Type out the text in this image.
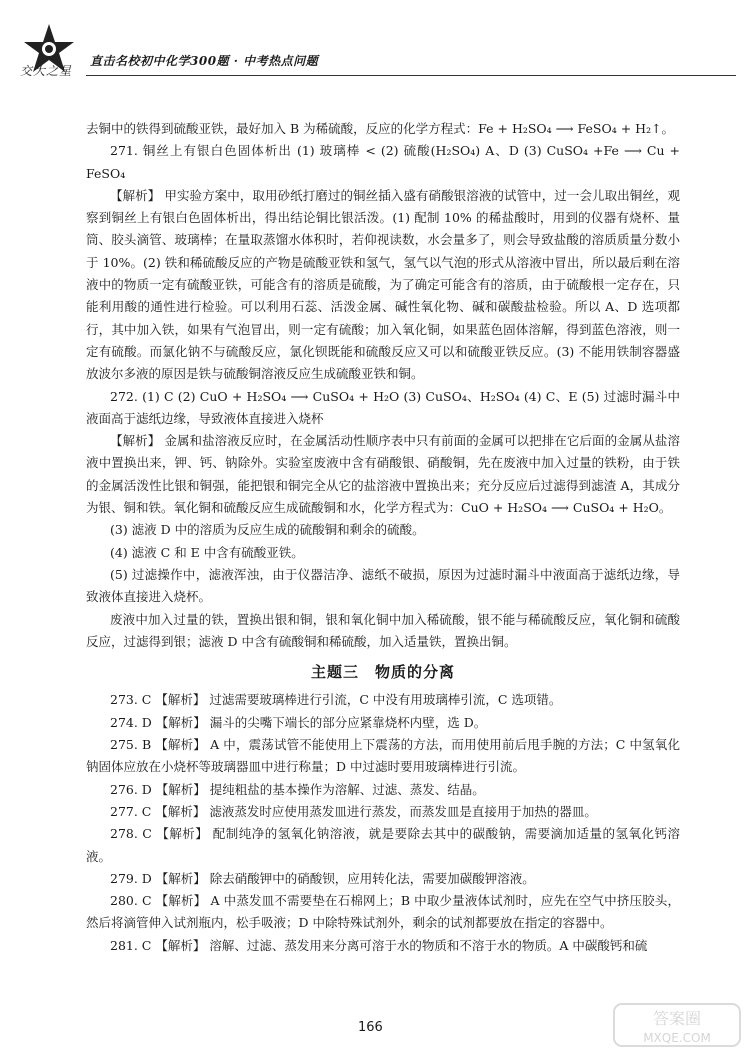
交大之星
直击名校初中化学300题 · 中考热点问题

去铜中的铁得到硫酸亚铁，最好加入 B 为稀硫酸，反应的化学方程式：Fe + H₂SO₄ ⟶ FeSO₄ + H₂↑。

271. 铜丝上有银白色固体析出 (1) 玻璃棒 < (2) 硫酸(H₂SO₄) A、D (3) CuSO₄ +Fe ⟶ Cu + FeSO₄

【解析】 甲实验方案中，取用砂纸打磨过的铜丝插入盛有硝酸银溶液的试管中，过一会儿取出铜丝，观察到铜丝上有银白色固体析出，得出结论铜比银活泼。(1) 配制 10% 的稀盐酸时，用到的仪器有烧杯、量筒、胶头滴管、玻璃棒；在量取蒸馏水体积时，若仰视读数，水会量多了，则会导致盐酸的溶质质量分数小于 10%。(2) 铁和稀硫酸反应的产物是硫酸亚铁和氢气，氢气以气泡的形式从溶液中冒出，所以最后剩在溶液中的物质一定有硫酸亚铁，可能含有的溶质是硫酸，为了确定可能含有的溶质，由于硫酸根一定存在，只能利用酸的通性进行检验。可以利用石蕊、活泼金属、碱性氧化物、碱和碳酸盐检验。所以 A、D 选项都行，其中加入铁，如果有气泡冒出，则一定有硫酸；加入氧化铜，如果蓝色固体溶解，得到蓝色溶液，则一定有硫酸。而氯化钠不与硫酸反应，氯化钡既能和硫酸反应又可以和硫酸亚铁反应。(3) 不能用铁制容器盛放波尔多液的原因是铁与硫酸铜溶液反应生成硫酸亚铁和铜。

272. (1) C (2) CuO + H₂SO₄ ⟶ CuSO₄ + H₂O (3) CuSO₄、H₂SO₄ (4) C、E (5) 过滤时漏斗中液面高于滤纸边缘，导致液体直接进入烧杯

【解析】 金属和盐溶液反应时，在金属活动性顺序表中只有前面的金属可以把排在它后面的金属从盐溶液中置换出来，钾、钙、钠除外。实验室废液中含有硝酸银、硝酸铜，先在废液中加入过量的铁粉，由于铁的金属活泼性比银和铜强，能把银和铜完全从它的盐溶液中置换出来；充分反应后过滤得到滤渣 A，其成分为银、铜和铁。氧化铜和硫酸反应生成硫酸铜和水，化学方程式为：CuO + H₂SO₄ ⟶ CuSO₄ + H₂O。

(3) 滤液 D 中的溶质为反应生成的硫酸铜和剩余的硫酸。

(4) 滤液 C 和 E 中含有硫酸亚铁。

(5) 过滤操作中，滤液浑浊，由于仪器洁净、滤纸不破损，原因为过滤时漏斗中液面高于滤纸边缘，导致液体直接进入烧杯。

废液中加入过量的铁，置换出银和铜，银和氧化铜中加入稀硫酸，银不能与稀硫酸反应，氧化铜和硫酸反应，过滤得到银；滤液 D 中含有硫酸铜和稀硫酸，加入适量铁，置换出铜。

主题三　物质的分离

273. C 【解析】 过滤需要玻璃棒进行引流，C 中没有用玻璃棒引流，C 选项错。

274. D 【解析】 漏斗的尖嘴下端长的部分应紧靠烧杯内壁，选 D。

275. B 【解析】 A 中，震荡试管不能使用上下震荡的方法，而用使用前后甩手腕的方法；C 中氢氧化钠固体应放在小烧杯等玻璃器皿中进行称量；D 中过滤时要用玻璃棒进行引流。

276. D 【解析】 提纯粗盐的基本操作为溶解、过滤、蒸发、结晶。

277. C 【解析】 滤液蒸发时应使用蒸发皿进行蒸发，而蒸发皿是直接用于加热的器皿。

278. C 【解析】 配制纯净的氢氧化钠溶液，就是要除去其中的碳酸钠，需要滴加适量的氢氧化钙溶液。

279. D 【解析】 除去硝酸钾中的硝酸钡，应用转化法，需要加碳酸钾溶液。

280. C 【解析】 A 中蒸发皿不需要垫在石棉网上；B 中取少量液体试剂时，应先在空气中挤压胶头，然后将滴管伸入试剂瓶内，松手吸液；D 中除特殊试剂外，剩余的试剂都要放在指定的容器中。

281. C 【解析】 溶解、过滤、蒸发用来分离可溶于水的物质和不溶于水的物质。A 中碳酸钙和硫

166	答案圈
MXQE.COM
